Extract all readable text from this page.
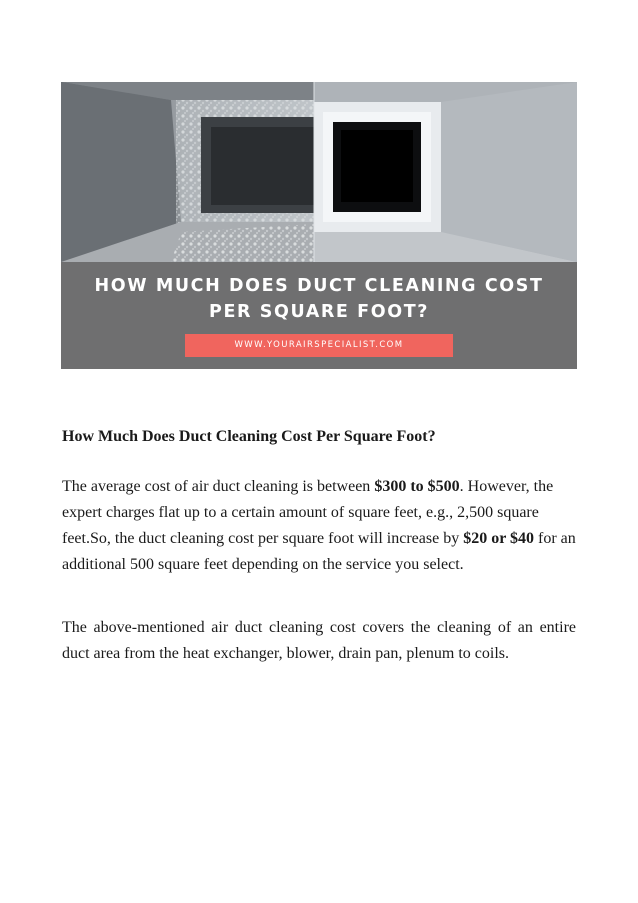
HOW MUCH DOES DUCT CLEANING COST
PER SQUARE FOOT?
WWW.YOURAIRSPECIALIST.COM

How Much Does Duct Cleaning Cost Per Square Foot?

The average cost of air duct cleaning is between $300 to $500. However, the expert charges flat up to a certain amount of square feet, e.g., 2,500 square feet.So, the duct cleaning cost per square foot will increase by $20 or $40 for an additional 500 square feet depending on the service you select.

The above-mentioned air duct cleaning cost covers the cleaning of an entire duct area from the heat exchanger, blower, drain pan, plenum to coils.
